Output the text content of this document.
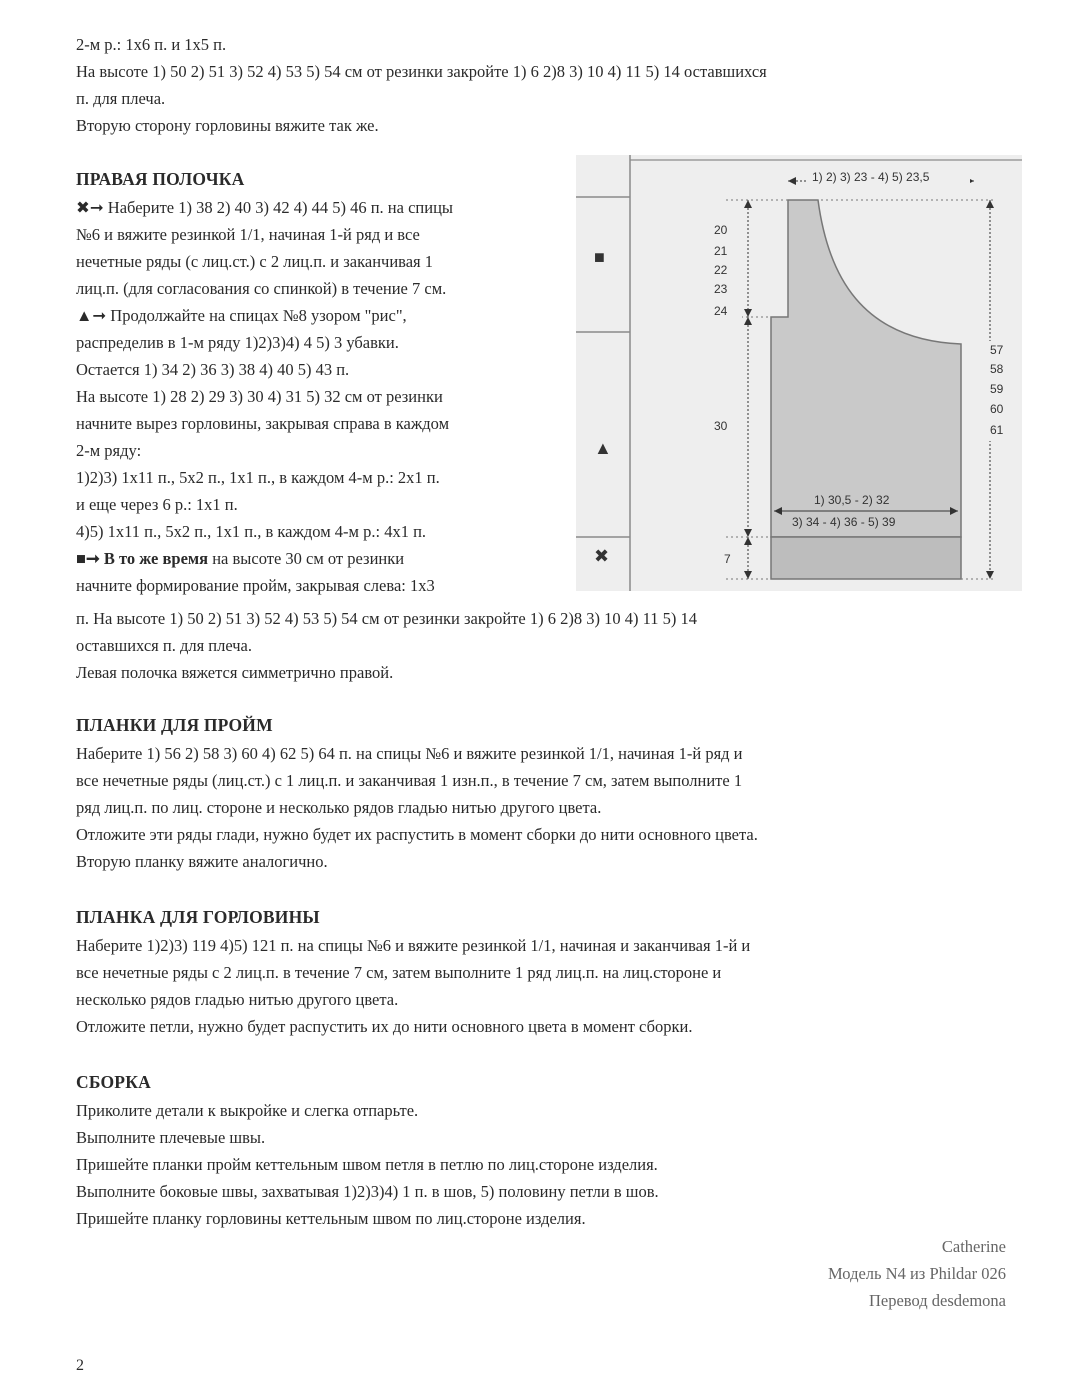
2-м р.: 1х6 п. и 1х5 п.
На высоте 1) 50 2) 51 3) 52 4) 53 5) 54 см от резинки закройте 1) 6 2)8 3) 10 4) 11 5) 14 оставшихся
п. для плеча.
Вторую сторону горловины вяжите так же.
ПРАВАЯ ПОЛОЧКА
✖➞ Наберите 1) 38 2) 40 3) 42 4) 44 5) 46 п. на спицы
№6 и вяжите резинкой 1/1, начиная 1-й ряд и все
нечетные ряды (с лиц.ст.) с 2 лиц.п. и заканчивая 1
лиц.п. (для согласования со спинкой) в течение 7 см.
▲➞ Продолжайте на спицах №8 узором "рис",
распределив в 1-м ряду 1)2)3)4) 4 5) 3 убавки.
Остается 1) 34 2) 36 3) 38 4) 40 5) 43 п.
На высоте 1) 28 2) 29 3) 30 4) 31 5) 32 см от резинки
начните вырез горловины, закрывая справа в каждом
2-м ряду:
1)2)3) 1х11 п., 5х2 п., 1х1 п., в каждом 4-м р.: 2х1 п.
и еще через 6 р.: 1х1 п.
4)5) 1х11 п., 5х2 п., 1х1 п., в каждом 4-м р.: 4х1 п.
■➞ В то же время на высоте 30 см от резинки
начните формирование пройм, закрывая слева: 1х3
п. На высоте 1) 50 2) 51 3) 52 4) 53 5) 54 см от резинки закройте 1) 6 2)8 3) 10 4) 11 5) 14
оставшихся п. для плеча.
Левая полочка вяжется симметрично правой.
■
▲
✖
1) 2) 3) 23 - 4) 5) 23,5
20
21
22
23
24
30
7
57
58
59
60
61
1) 30,5 - 2) 32
3) 34 - 4) 36 - 5) 39
ПЛАНКИ ДЛЯ ПРОЙМ
Наберите 1) 56 2) 58 3) 60 4) 62 5) 64 п. на спицы №6 и вяжите резинкой 1/1, начиная 1-й ряд и
все нечетные ряды (лиц.ст.) с 1 лиц.п. и заканчивая 1 изн.п., в течение 7 см, затем выполните 1
ряд лиц.п. по лиц. стороне и несколько рядов гладью нитью другого цвета.
Отложите эти ряды глади, нужно будет их распустить в момент сборки до нити основного цвета.
Вторую планку вяжите аналогично.
ПЛАНКА ДЛЯ ГОРЛОВИНЫ
Наберите 1)2)3) 119 4)5) 121 п. на спицы №6 и вяжите резинкой 1/1, начиная и заканчивая 1-й и
все нечетные ряды с 2 лиц.п. в течение 7 см, затем выполните 1 ряд лиц.п. на лиц.стороне и
несколько рядов гладью нитью другого цвета.
Отложите петли, нужно будет распустить их до нити основного цвета в момент сборки.
СБОРКА
Приколите детали к выкройке и слегка отпарьте.
Выполните плечевые швы.
Пришейте планки пройм кеттельным швом петля в петлю по лиц.стороне изделия.
Выполните боковые швы, захватывая 1)2)3)4) 1 п. в шов, 5) половину петли в шов.
Пришейте планку горловины кеттельным швом по лиц.стороне изделия.
Catherine
Модель N4 из Phildar 026
Перевод desdemona
2
